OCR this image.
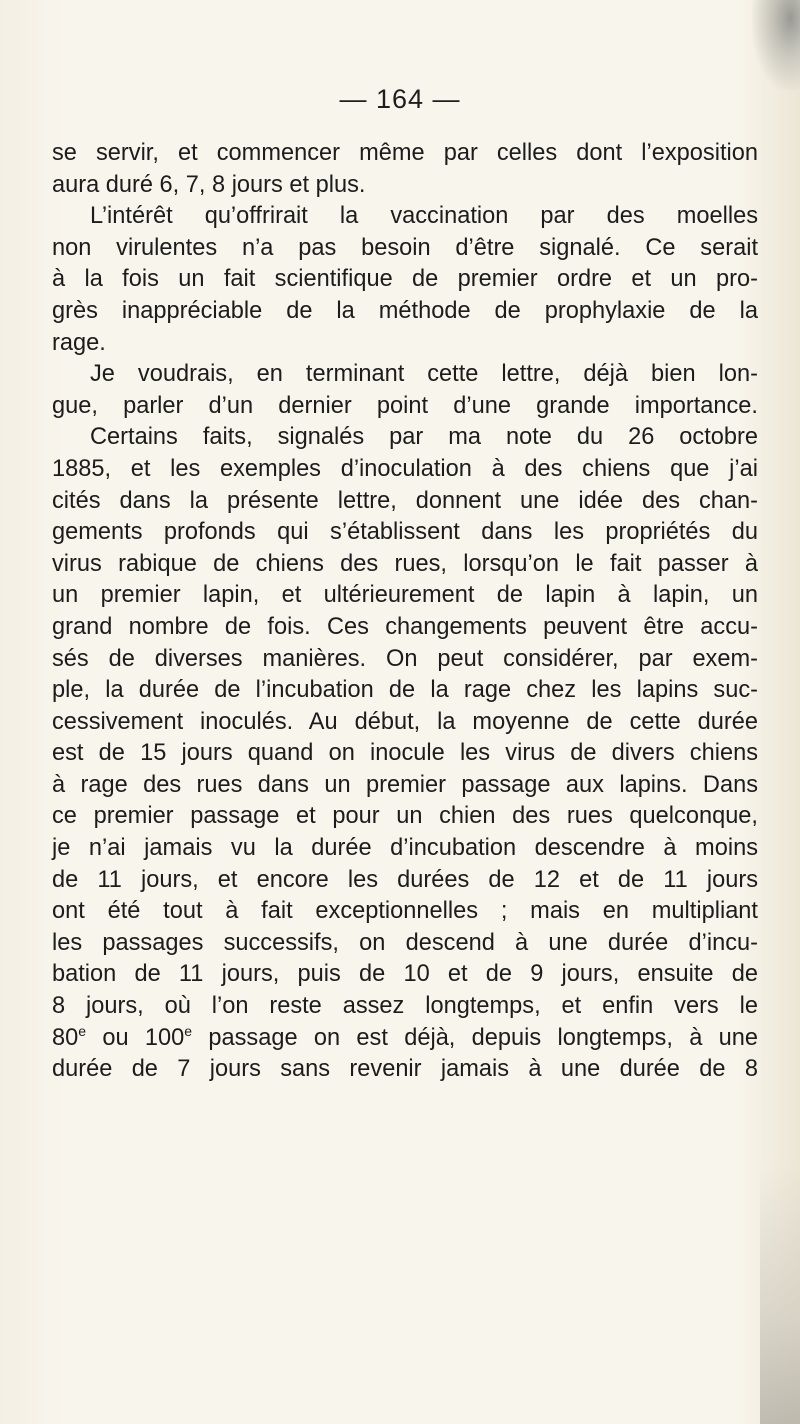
— 164 —
se servir, et commencer même par celles dont l’exposition
aura duré 6, 7, 8 jours et plus.
L’intérêt qu’offrirait la vaccination par des moelles
non virulentes n’a pas besoin d’être signalé. Ce serait
à la fois un fait scientifique de premier ordre et un pro-
grès inappréciable de la méthode de prophylaxie de la
rage.
Je voudrais, en terminant cette lettre, déjà bien lon-
gue, parler d’un dernier point d’une grande importance.
Certains faits, signalés par ma note du 26 octobre
1885, et les exemples d’inoculation à des chiens que j’ai
cités dans la présente lettre, donnent une idée des chan-
gements profonds qui s’établissent dans les propriétés du
virus rabique de chiens des rues, lorsqu’on le fait passer à
un premier lapin, et ultérieurement de lapin à lapin, un
grand nombre de fois. Ces changements peuvent être accu-
sés de diverses manières. On peut considérer, par exem-
ple, la durée de l’incubation de la rage chez les lapins suc-
cessivement inoculés. Au début, la moyenne de cette durée
est de 15 jours quand on inocule les virus de divers chiens
à rage des rues dans un premier passage aux lapins. Dans
ce premier passage et pour un chien des rues quelconque,
je n’ai jamais vu la durée d’incubation descendre à moins
de 11 jours, et encore les durées de 12 et de 11 jours
ont été tout à fait exceptionnelles ; mais en multipliant
les passages successifs, on descend à une durée d’incu-
bation de 11 jours, puis de 10 et de 9 jours, ensuite de
8 jours, où l’on reste assez longtemps, et enfin vers le
80e ou 100e passage on est déjà, depuis longtemps, à une
durée de 7 jours sans revenir jamais à une durée de 8
